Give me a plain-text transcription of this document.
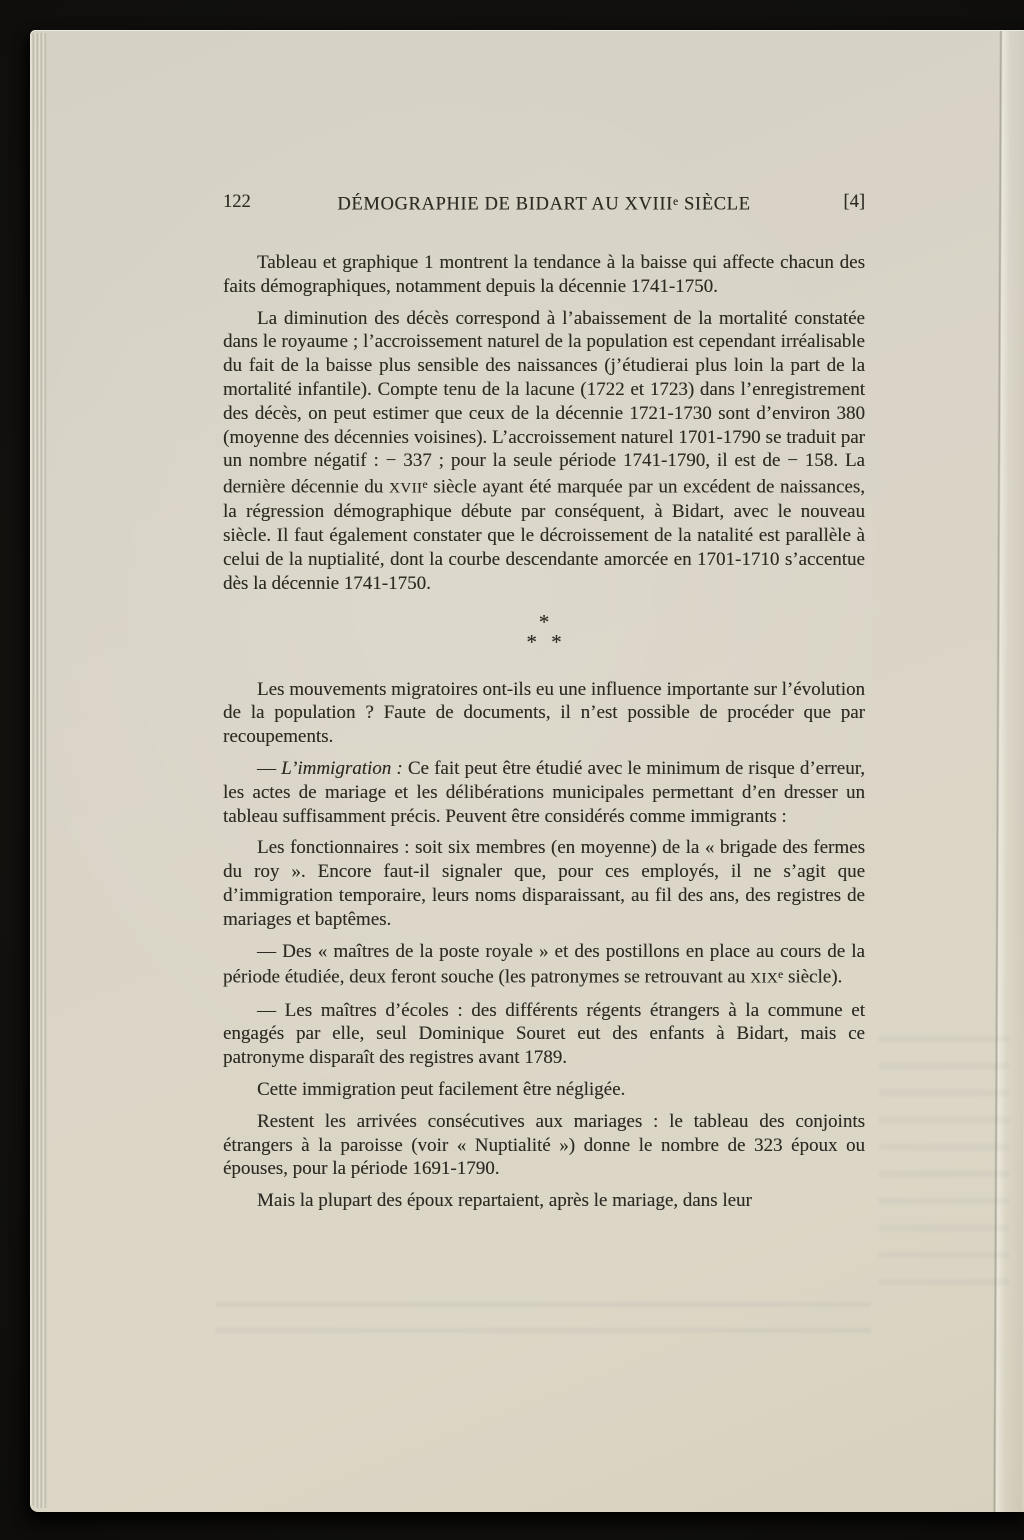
122	DÉMOGRAPHIE DE BIDART AU XVIIIe SIÈCLE	[4]

Tableau et graphique 1 montrent la tendance à la baisse qui affecte chacun des faits démographiques, notamment depuis la décennie 1741-1750.

La diminution des décès correspond à l’abaissement de la mortalité constatée dans le royaume ; l’accroissement naturel de la population est cependant irréalisable du fait de la baisse plus sensible des naissances (j’étudierai plus loin la part de la mortalité infantile). Compte tenu de la lacune (1722 et 1723) dans l’enregistrement des décès, on peut estimer que ceux de la décennie 1721-1730 sont d’environ 380 (moyenne des décennies voisines). L’accroissement naturel 1701-1790 se traduit par un nombre négatif : − 337 ; pour la seule période 1741-1790, il est de − 158. La dernière décennie du XVIIe siècle ayant été marquée par un excédent de naissances, la régression démographique débute par conséquent, à Bidart, avec le nouveau siècle. Il faut également constater que le décroissement de la natalité est parallèle à celui de la nuptialité, dont la courbe descendante amorcée en 1701-1710 s’accentue dès la décennie 1741-1750.

*
* *

Les mouvements migratoires ont-ils eu une influence importante sur l’évolution de la population ? Faute de documents, il n’est possible de procéder que par recoupements.

— L’immigration : Ce fait peut être étudié avec le minimum de risque d’erreur, les actes de mariage et les délibérations municipales permettant d’en dresser un tableau suffisamment précis. Peuvent être considérés comme immigrants :

Les fonctionnaires : soit six membres (en moyenne) de la « brigade des fermes du roy ». Encore faut-il signaler que, pour ces employés, il ne s’agit que d’immigration temporaire, leurs noms disparaissant, au fil des ans, des registres de mariages et baptêmes.

— Des « maîtres de la poste royale » et des postillons en place au cours de la période étudiée, deux feront souche (les patronymes se retrouvant au XIXe siècle).

— Les maîtres d’écoles : des différents régents étrangers à la commune et engagés par elle, seul Dominique Souret eut des enfants à Bidart, mais ce patronyme disparaît des registres avant 1789.

Cette immigration peut facilement être négligée.

Restent les arrivées consécutives aux mariages : le tableau des conjoints étrangers à la paroisse (voir « Nuptialité ») donne le nombre de 323 époux ou épouses, pour la période 1691-1790.

Mais la plupart des époux repartaient, après le mariage, dans leur
